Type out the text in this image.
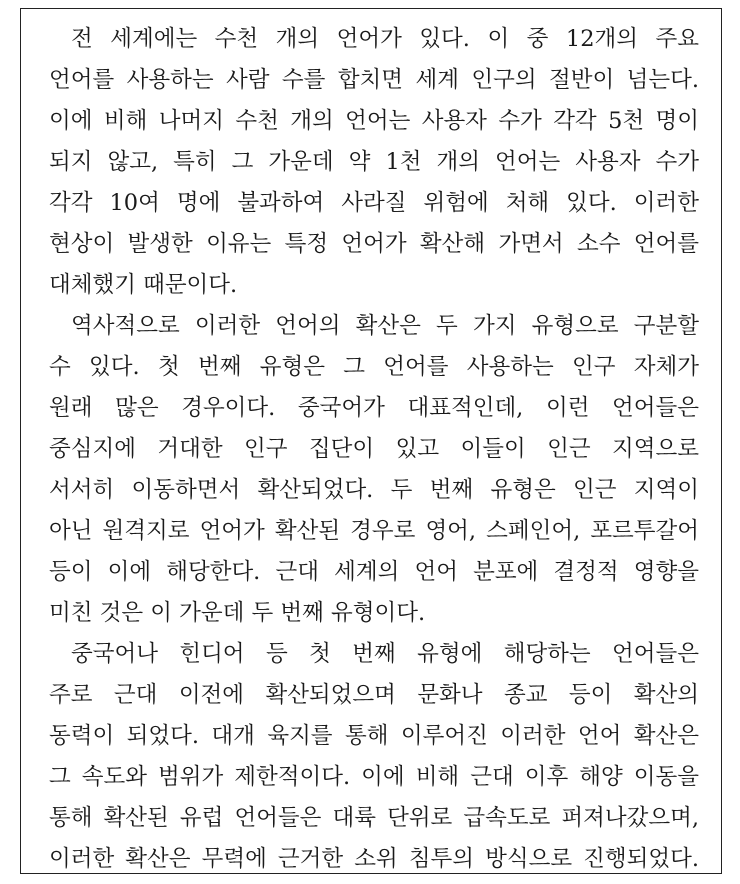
전 세계에는 수천 개의 언어가 있다. 이 중 12개의 주요
언어를 사용하는 사람 수를 합치면 세계 인구의 절반이 넘는다.
이에 비해 나머지 수천 개의 언어는 사용자 수가 각각 5천 명이
되지 않고, 특히 그 가운데 약 1천 개의 언어는 사용자 수가
각각 10여 명에 불과하여 사라질 위험에 처해 있다. 이러한
현상이 발생한 이유는 특정 언어가 확산해 가면서 소수 언어를
대체했기 때문이다.

역사적으로 이러한 언어의 확산은 두 가지 유형으로 구분할
수 있다. 첫 번째 유형은 그 언어를 사용하는 인구 자체가
원래 많은 경우이다. 중국어가 대표적인데, 이런 언어들은
중심지에 거대한 인구 집단이 있고 이들이 인근 지역으로
서서히 이동하면서 확산되었다. 두 번째 유형은 인근 지역이
아닌 원격지로 언어가 확산된 경우로 영어, 스페인어, 포르투갈어
등이 이에 해당한다. 근대 세계의 언어 분포에 결정적 영향을
미친 것은 이 가운데 두 번째 유형이다.

중국어나 힌디어 등 첫 번째 유형에 해당하는 언어들은
주로 근대 이전에 확산되었으며 문화나 종교 등이 확산의
동력이 되었다. 대개 육지를 통해 이루어진 이러한 언어 확산은
그 속도와 범위가 제한적이다. 이에 비해 근대 이후 해양 이동을
통해 확산된 유럽 언어들은 대륙 단위로 급속도로 퍼져나갔으며,
이러한 확산은 무력에 근거한 소위 침투의 방식으로 진행되었다.
